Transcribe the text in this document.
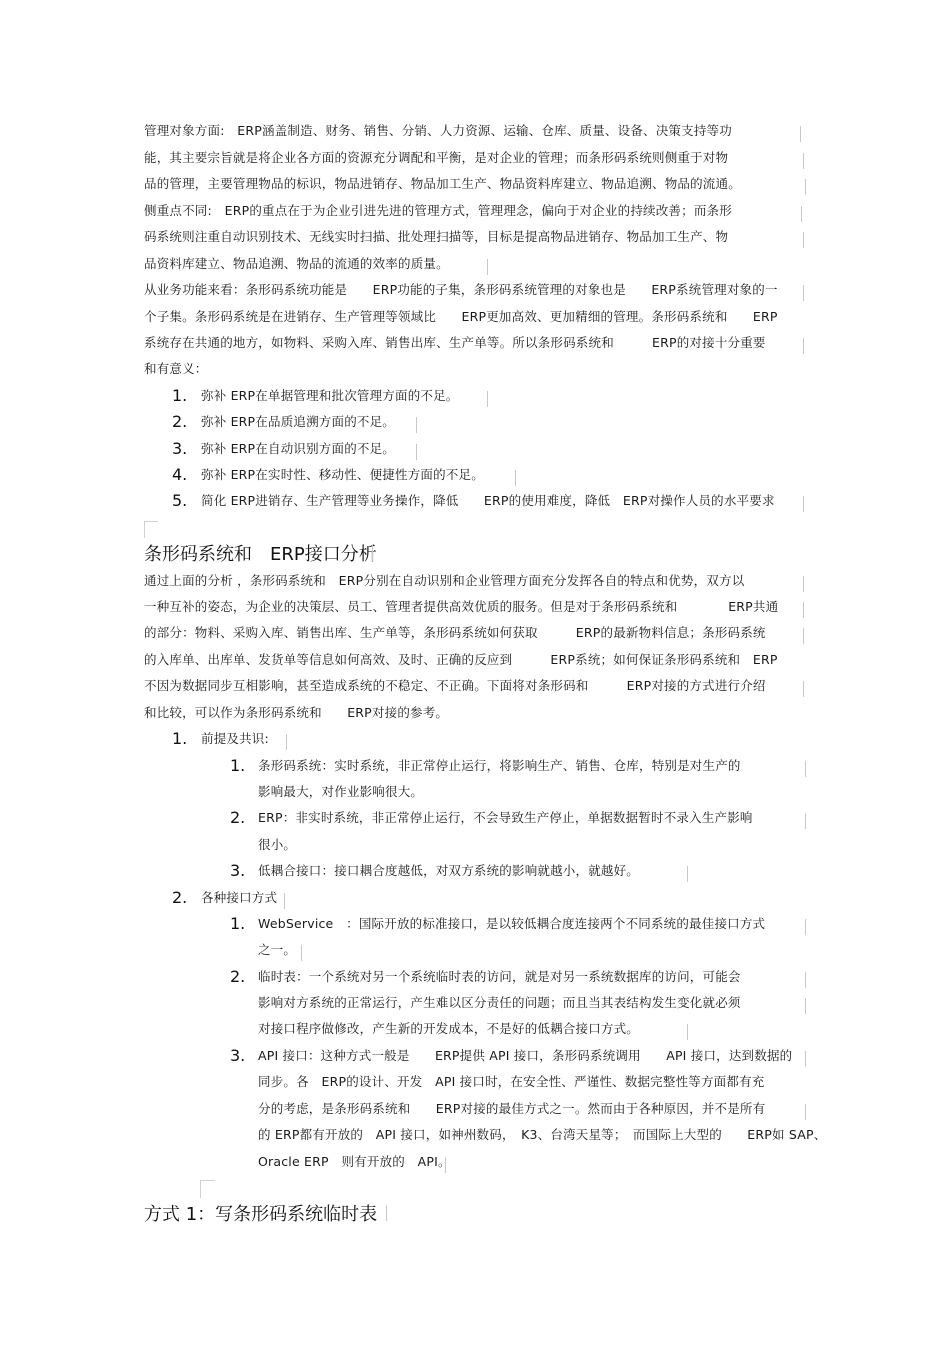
管理对象方面:　ERP涵盖制造、财务、销售、分销、人力资源、运输、仓库、质量、设备、决策支持等功
能，其主要宗旨就是将企业各方面的资源充分调配和平衡，是对企业的管理；而条形码系统则侧重于对物
品的管理，主要管理物品的标识，物品进销存、物品加工生产、物品资料库建立、物品追溯、物品的流通。
侧重点不同:　ERP的重点在于为企业引进先进的管理方式，管理理念，偏向于对企业的持续改善；而条形
码系统则注重自动识别技术、无线实时扫描、批处理扫描等，目标是提高物品进销存、物品加工生产、物
品资料库建立、物品追溯、物品的流通的效率的质量。
从业务功能来看：条形码系统功能是　　ERP功能的子集，条形码系统管理的对象也是　　ERP系统管理对象的一
个子集。条形码系统是在进销存、生产管理等领域比　　ERP更加高效、更加精细的管理。条形码系统和　　ERP
系统存在共通的地方，如物料、采购入库、销售出库、生产单等。所以条形码系统和　　　ERP的对接十分重要
和有意义：
1.	弥补 ERP在单据管理和批次管理方面的不足。
2.	弥补 ERP在品质追溯方面的不足。
3.	弥补 ERP在自动识别方面的不足。
4.	弥补 ERP在实时性、移动性、便捷性方面的不足。
5.	简化 ERP进销存、生产管理等业务操作，降低　　ERP的使用难度，降低　ERP对操作人员的水平要求
条形码系统和　ERP接口分析
通过上面的分析 ，条形码系统和　ERP分别在自动识别和企业管理方面充分发挥各自的特点和优势，双方以
一种互补的姿态，为企业的决策层、员工、管理者提供高效优质的服务。但是对于条形码系统和　　　　ERP共通
的部分：物料、采购入库、销售出库、生产单等，条形码系统如何获取　　　ERP的最新物料信息；条形码系统
的入库单、出库单、发货单等信息如何高效、及时、正确的反应到　　　ERP系统；如何保证条形码系统和　ERP
不因为数据同步互相影响，甚至造成系统的不稳定、不正确。下面将对条形码和　　　ERP对接的方式进行介绍
和比较，可以作为条形码系统和　　ERP对接的参考。
1.	前提及共识:
1.	条形码系统：实时系统，非正常停止运行，将影响生产、销售、仓库，特别是对生产的
影响最大，对作业影响很大。
2.	ERP：非实时系统，非正常停止运行，不会导致生产停止，单据数据暂时不录入生产影响
很小。
3.	低耦合接口：接口耦合度越低，对双方系统的影响就越小，就越好。
2.	各种接口方式
1.	WebService　：国际开放的标准接口，是以较低耦合度连接两个不同系统的最佳接口方式
之一。
2.	临时表：一个系统对另一个系统临时表的访问，就是对另一系统数据库的访问，可能会
影响对方系统的正常运行，产生难以区分责任的问题；而且当其表结构发生变化就必须
对接口程序做修改，产生新的开发成本，不是好的低耦合接口方式。
3.	API 接口：这种方式一般是　　ERP提供 API 接口，条形码系统调用　　API 接口，达到数据的
同步。各　ERP的设计、开发　API 接口时，在安全性、严谨性、数据完整性等方面都有充
分的考虑，是条形码系统和　　ERP对接的最佳方式之一。然而由于各种原因，并不是所有
的 ERP都有开放的　API 接口，如神州数码，　K3、台湾天星等；　而国际上大型的　　ERP如 SAP、
Oracle ERP　则有开放的　API。
方式 1：写条形码系统临时表
